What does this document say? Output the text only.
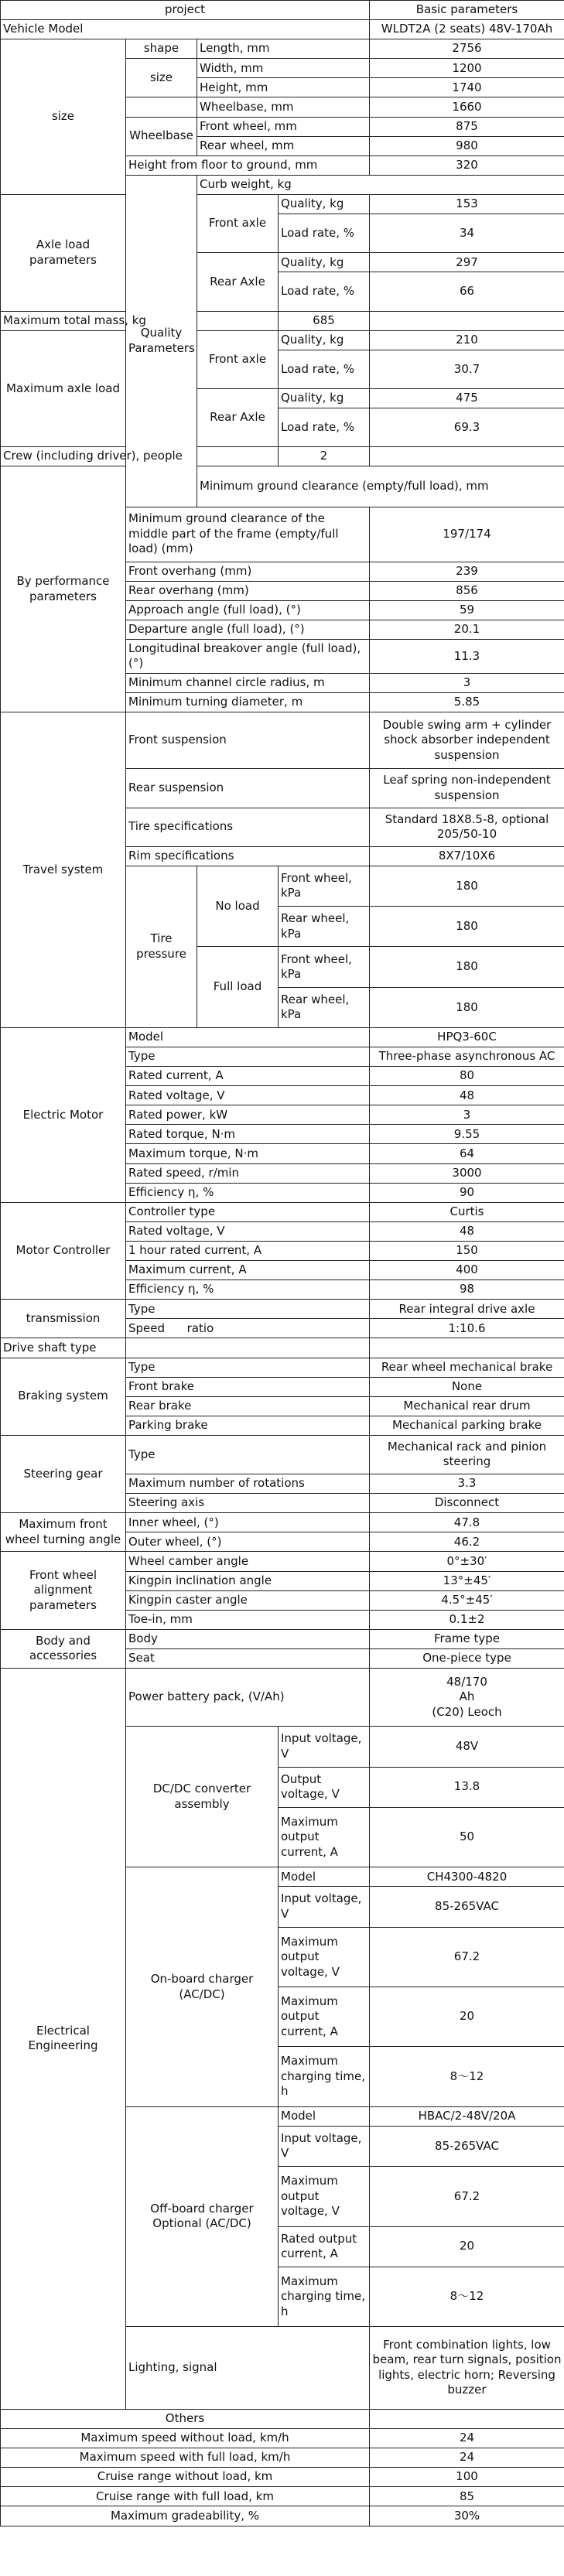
project				Basic parameters	
Vehicle Model				WLDT2A (2 seats) 48V-170Ah	
size	shape	Length, mm		2756	
	size	Width, mm		1200	
		Height, mm		1740	
		Wheelbase, mm		1660	
	Wheelbase	Front wheel, mm		875	
		Rear wheel, mm		980	
	Height from floor to ground, mm			320	
	Quality Parameters	Curb weight, kg	
Axle load parameters		Front axle	Quality, kg	153	
			Load rate, %	34	
		Rear Axle	Quality, kg	297	
			Load rate, %	66	
Maximum total mass, kg			685		
Maximum axle load		Front axle	Quality, kg	210	
			Load rate, %	30.7	
		Rear Axle	Quality, kg	475	
			Load rate, %	69.3	
Crew (including driver), people			2		
By performance parameters		Minimum ground clearance (empty/full load), mm	
	Minimum ground clearance of the middle part of the frame (empty/full load) (mm)			197/174	
	Front overhang (mm)			239	
	Rear overhang (mm)			856	
	Approach angle (full load), (°)			59	
	Departure angle (full load), (°)			20.1	
	Longitudinal breakover angle (full load), (°)			11.3	
	Minimum channel circle radius, m			3	
	Minimum turning diameter, m			5.85	
Travel system	Front suspension			Double swing arm + cylinder shock absorber independent suspension	
	Rear suspension			Leaf spring non-independent suspension	
	Tire specifications			Standard 18X8.5-8, optional 205/50-10	
	Rim specifications			8X7/10X6	
	Tire pressure	No load	Front wheel, kPa	180	
			Rear wheel, kPa	180	
		Full load	Front wheel, kPa	180	
			Rear wheel, kPa	180	
Electric Motor	Model			HPQ3-60C	
	Type			Three-phase asynchronous AC	
	Rated current, A			80	
	Rated voltage, V			48	
	Rated power, kW			3	
	Rated torque, N·m			9.55	
	Maximum torque, N·m			64	
	Rated speed, r/min			3000	
	Efficiency η, %			90	
Motor Controller	Controller type			Curtis	
	Rated voltage, V			48	
	1 hour rated current, A			150	
	Maximum current, A			400	
	Efficiency η, %			98	
transmission	Type			Rear integral drive axle	
	Speed      ratio			1:10.6	
Drive shaft type					
Braking system	Type			Rear wheel mechanical brake	
	Front brake			None	
	Rear brake			Mechanical rear drum	
	Parking brake			Mechanical parking brake	
Steering gear	Type			Mechanical rack and pinion steering	
	Maximum number of rotations			3.3	
	Steering axis			Disconnect	
Maximum front wheel turning angle	Inner wheel, (°)			47.8	
	Outer wheel, (°)			46.2	
Front wheel alignment parameters	Wheel camber angle			0°±30′	
	Kingpin inclination angle			13°±45′	
	Kingpin caster angle			4.5°±45′	
	Toe-in, mm			0.1±2	
Body and accessories	Body			Frame type	
	Seat			One-piece type	
Electrical Engineering	Power battery pack, (V/Ah)			48/170
Ah
(C20) Leoch	

	DC/DC converter assembly		Input voltage, V	48V	
			Output voltage, V	13.8	
			Maximum output current, A	50	
	On-board charger (AC/DC)		Model	CH4300-4820	
			Input voltage, V	85-265VAC	
			Maximum output voltage, V	67.2	
			Maximum output current, A	20	
			Maximum charging time, h	8～12	
	Off-board charger Optional (AC/DC)		Model	HBAC/2-48V/20A	
			Input voltage, V	85-265VAC	
			Maximum output voltage, V	67.2	
			Rated output current, A	20	
			Maximum charging time, h	8～12	
	Lighting, signal			Front combination lights, low beam, rear turn signals, position lights, electric horn; Reversing buzzer	
Others					
Maximum speed without load, km/h				24	
Maximum speed with full load, km/h				24	
Cruise range without load, km				100	
Cruise range with full load, km				85	
Maximum gradeability, %				30%	
